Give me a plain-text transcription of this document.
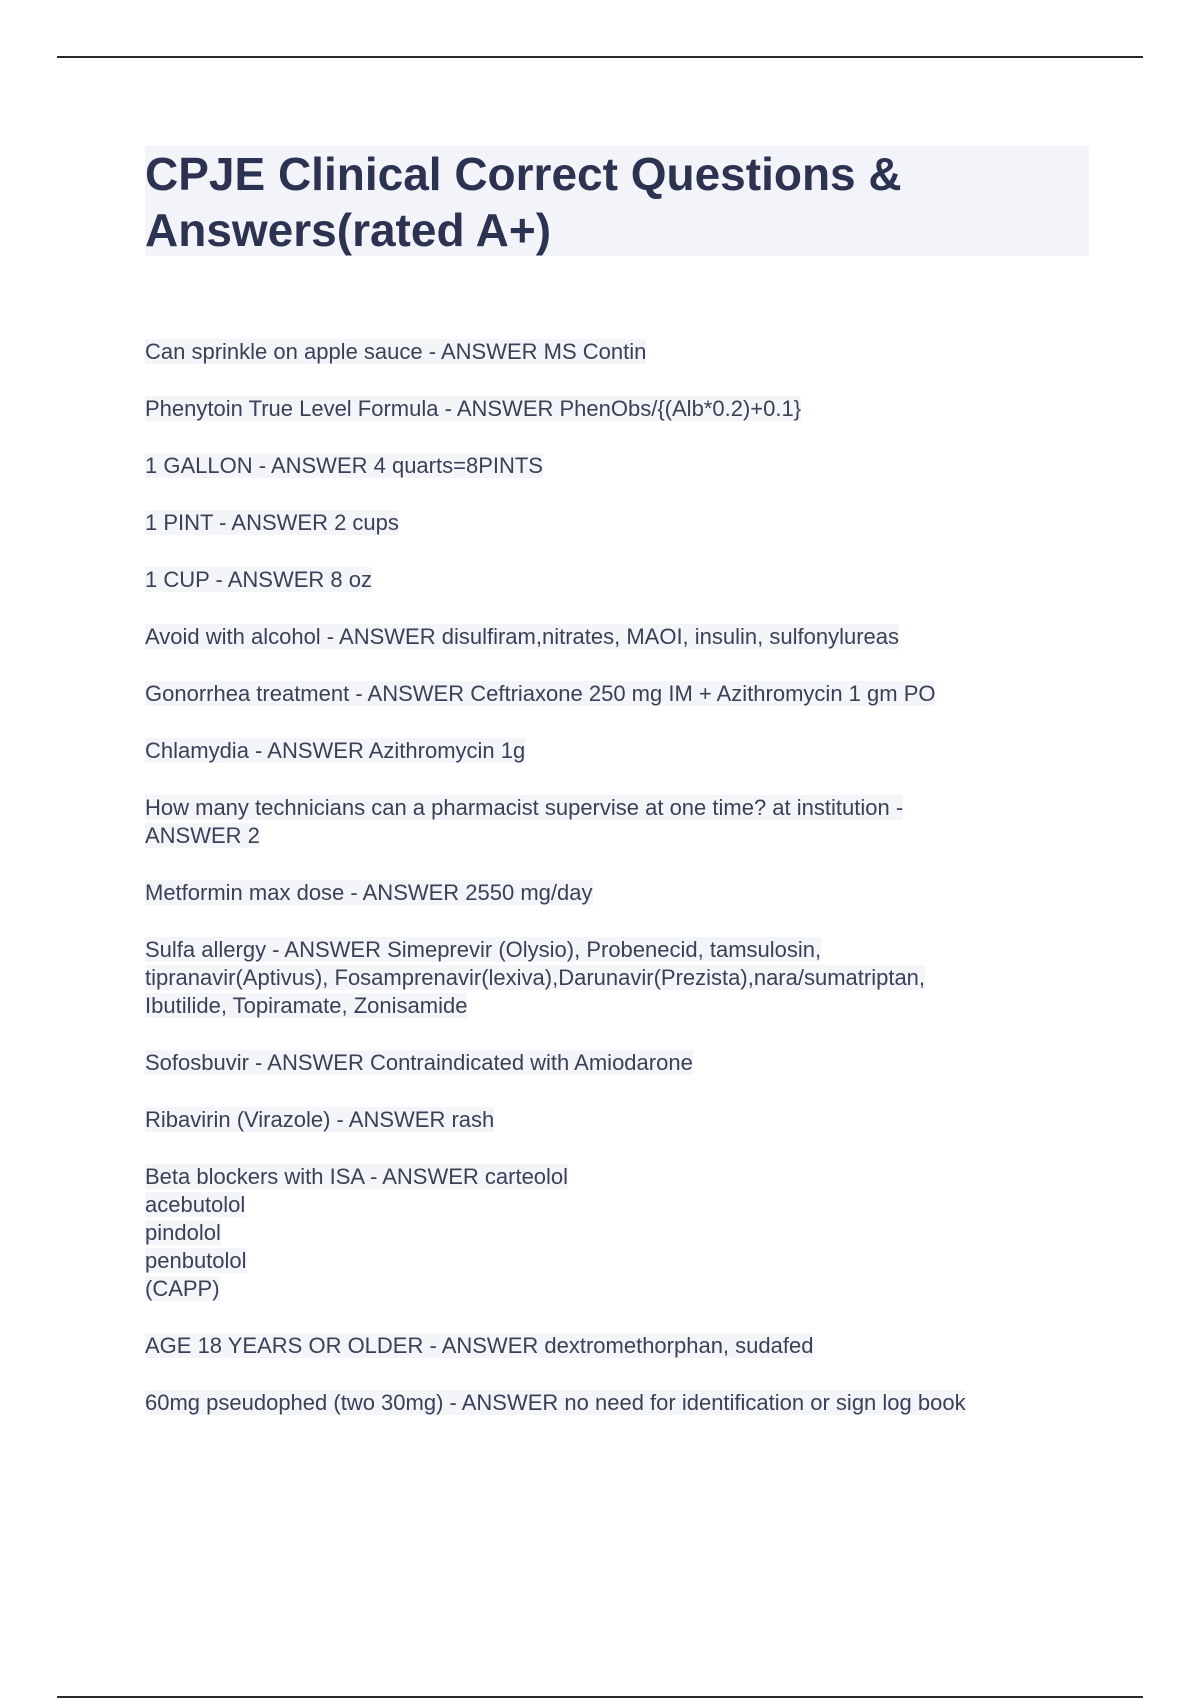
CPJE Clinical Correct Questions & Answers(rated A+)
Can sprinkle on apple sauce - ANSWER MS Contin
Phenytoin True Level Formula - ANSWER PhenObs/{(Alb*0.2)+0.1}
1 GALLON - ANSWER 4 quarts=8PINTS
1 PINT - ANSWER 2 cups
1 CUP - ANSWER 8 oz
Avoid with alcohol - ANSWER disulfiram,nitrates, MAOI, insulin, sulfonylureas
Gonorrhea treatment - ANSWER Ceftriaxone 250 mg IM + Azithromycin 1 gm PO
Chlamydia - ANSWER Azithromycin 1g
How many technicians can a pharmacist supervise at one time? at institution -
ANSWER 2
Metformin max dose - ANSWER 2550 mg/day
Sulfa allergy - ANSWER Simeprevir (Olysio), Probenecid, tamsulosin,
tipranavir(Aptivus), Fosamprenavir(lexiva),Darunavir(Prezista),nara/sumatriptan,
Ibutilide, Topiramate, Zonisamide
Sofosbuvir - ANSWER Contraindicated with Amiodarone
Ribavirin (Virazole) - ANSWER rash
Beta blockers with ISA - ANSWER carteolol
acebutolol
pindolol
penbutolol
(CAPP)
AGE 18 YEARS OR OLDER - ANSWER dextromethorphan, sudafed
60mg pseudophed (two 30mg) - ANSWER no need for identification or sign log book
